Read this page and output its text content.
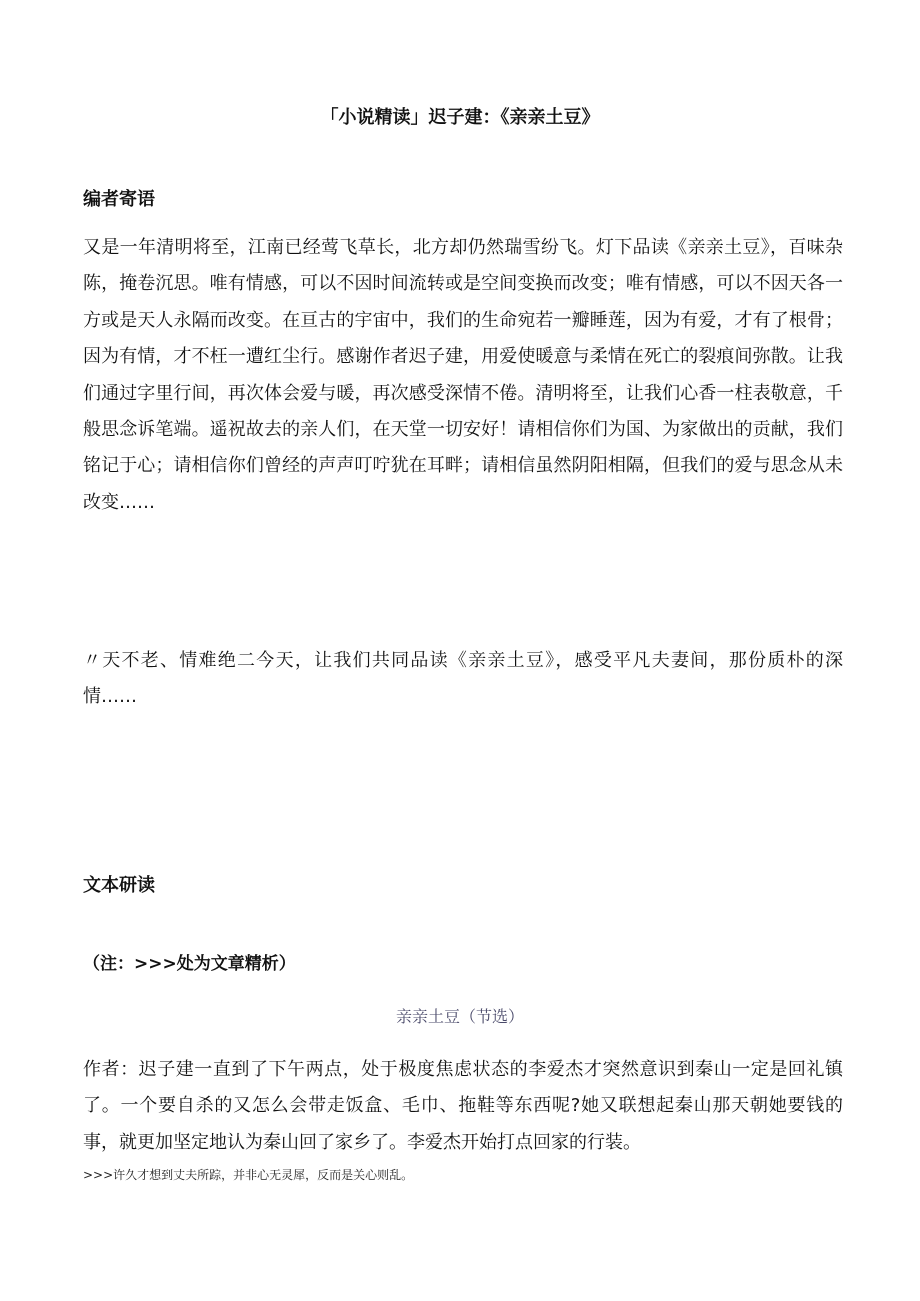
「小说精读」迟子建：《亲亲土豆》
编者寄语

又是一年清明将至，江南已经莺飞草长，北方却仍然瑞雪纷飞。灯下品读《亲亲土豆》，百味杂陈，掩卷沉思。唯有情感，可以不因时间流转或是空间变换而改变；唯有情感，可以不因天各一方或是天人永隔而改变。在亘古的宇宙中，我们的生命宛若一瓣睡莲，因为有爱，才有了根骨；因为有情，才不枉一遭红尘行。感谢作者迟子建，用爱使暖意与柔情在死亡的裂痕间弥散。让我们通过字里行间，再次体会爱与暖，再次感受深情不倦。清明将至，让我们心香一柱表敬意，千般思念诉笔端。遥祝故去的亲人们，在天堂一切安好！请相信你们为国、为家做出的贡献，我们铭记于心；请相信你们曾经的声声叮咛犹在耳畔；请相信虽然阴阳相隔，但我们的爱与思念从未改变……

〃天不老、情难绝二今天，让我们共同品读《亲亲土豆》，感受平凡夫妻间，那份质朴的深情……

文本研读
（注：>>>处为文章精析）
亲亲土豆（节选）

作者：迟子建一直到了下午两点，处于极度焦虑状态的李爱杰才突然意识到秦山一定是回礼镇了。一个要自杀的又怎么会带走饭盒、毛巾、拖鞋等东西呢?她又联想起秦山那天朝她要钱的事，就更加坚定地认为秦山回了家乡了。李爱杰开始打点回家的行装。

>>>许久才想到丈夫所踪，并非心无灵犀，反而是关心则乱。
